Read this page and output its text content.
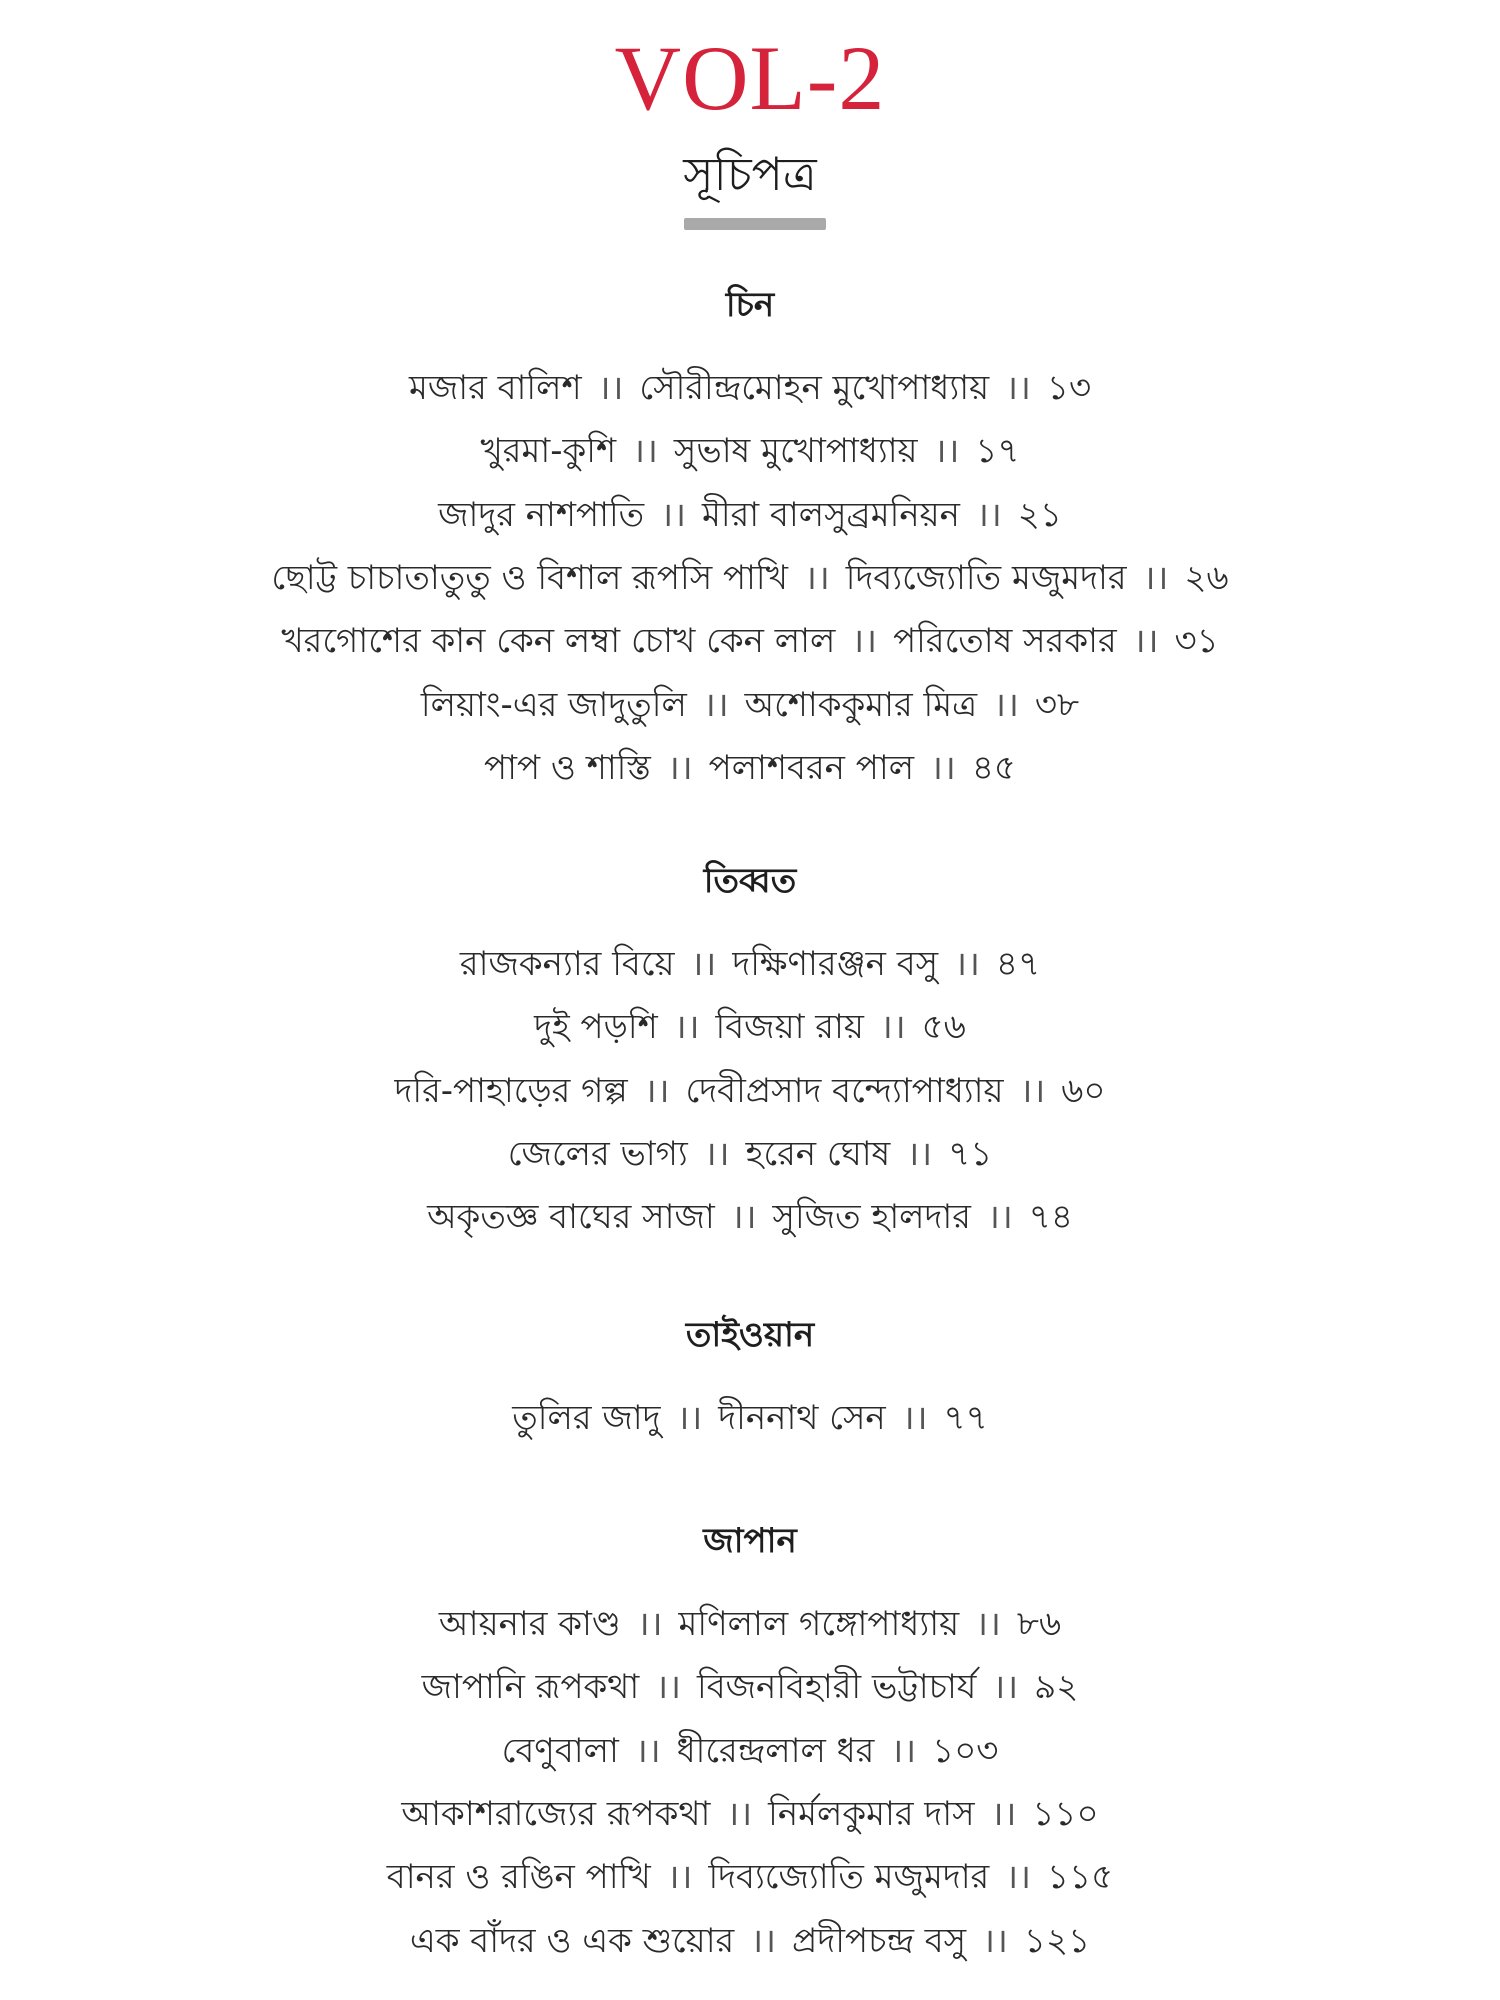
VOL-2
সূচিপত্র
চিন
মজার বালিশ ।। সৌরীন্দ্রমোহন মুখোপাধ্যায় ।। ১৩
খুরমা-কুশি ।। সুভাষ মুখোপাধ্যায় ।। ১৭
জাদুর নাশপাতি ।। মীরা বালসুব্রমনিয়ন ।। ২১
ছোট্ট চাচাতাতুতু ও বিশাল রূপসি পাখি ।। দিব্যজ্যোতি মজুমদার ।। ২৬
খরগোশের কান কেন লম্বা চোখ কেন লাল ।। পরিতোষ সরকার ।। ৩১
লিয়াং-এর জাদুতুলি ।। অশোককুমার মিত্র ।। ৩৮
পাপ ও শাস্তি ।। পলাশবরন পাল ।। ৪৫
তিব্বত
রাজকন্যার বিয়ে ।। দক্ষিণারঞ্জন বসু ।। ৪৭
দুই পড়শি ।। বিজয়া রায় ।। ৫৬
দরি-পাহাড়ের গল্প ।। দেবীপ্রসাদ বন্দ্যোপাধ্যায় ।। ৬০
জেলের ভাগ্য ।। হরেন ঘোষ ।। ৭১
অকৃতজ্ঞ বাঘের সাজা ।। সুজিত হালদার ।। ৭৪
তাইওয়ান
তুলির জাদু ।। দীননাথ সেন ।। ৭৭
জাপান
আয়নার কাণ্ড ।। মণিলাল গঙ্গোপাধ্যায় ।। ৮৬
জাপানি রূপকথা ।। বিজনবিহারী ভট্টাচার্য ।। ৯২
বেণুবালা ।। ধীরেন্দ্রলাল ধর ।। ১০৩
আকাশরাজ্যের রূপকথা ।। নির্মলকুমার দাস ।। ১১০
বানর ও রঙিন পাখি ।। দিব্যজ্যোতি মজুমদার ।। ১১৫
এক বাঁদর ও এক শুয়োর ।। প্রদীপচন্দ্র বসু ।। ১২১
